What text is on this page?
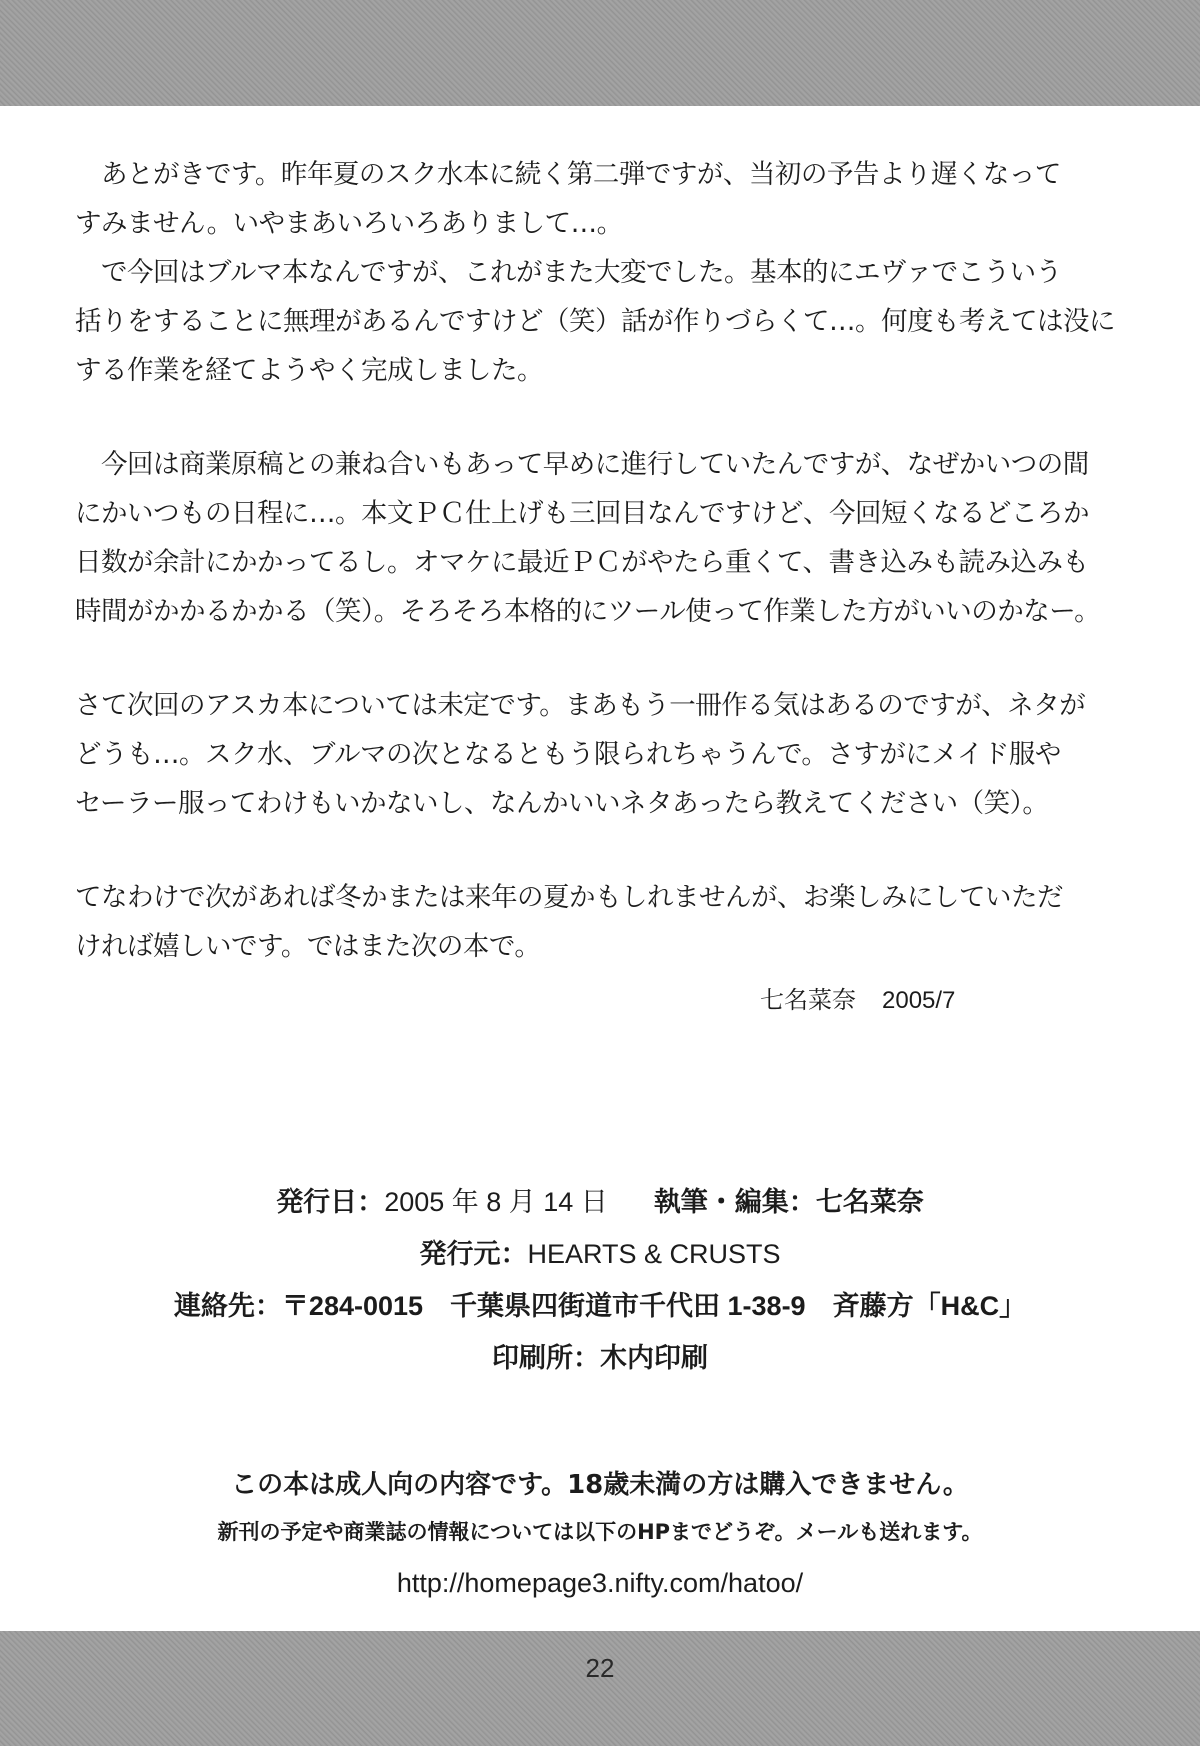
　あとがきです。昨年夏のスク水本に続く第二弾ですが、当初の予告より遅くなって

すみません。いやまあいろいろありまして…。

　で今回はブルマ本なんですが、これがまた大変でした。基本的にエヴァでこういう

括りをすることに無理があるんですけど（笑）話が作りづらくて…。何度も考えては没に

する作業を経てようやく完成しました。

　今回は商業原稿との兼ね合いもあって早めに進行していたんですが、なぜかいつの間

にかいつもの日程に…。本文ＰＣ仕上げも三回目なんですけど、今回短くなるどころか

日数が余計にかかってるし。オマケに最近ＰＣがやたら重くて、書き込みも読み込みも

時間がかかるかかる（笑）。そろそろ本格的にツール使って作業した方がいいのかなー。

さて次回のアスカ本については未定です。まあもう一冊作る気はあるのですが、ネタが

どうも…。スク水、ブルマの次となるともう限られちゃうんで。さすがにメイド服や

セーラー服ってわけもいかないし、なんかいいネタあったら教えてください（笑）。

てなわけで次があれば冬かまたは来年の夏かもしれませんが、お楽しみにしていただ

ければ嬉しいです。ではまた次の本で。

七名菜奈 2005/7
発行日：2005 年 8 月 14 日 執筆・編集：七名菜奈
発行元：HEARTS & CRUSTS
連絡先：〒284-0015　千葉県四街道市千代田 1-38-9　斉藤方「H&C」
印刷所：木内印刷
この本は成人向の内容です。18歳未満の方は購入できません。
新刊の予定や商業誌の情報については以下のHPまでどうぞ。メールも送れます。
http://homepage3.nifty.com/hatoo/
22
